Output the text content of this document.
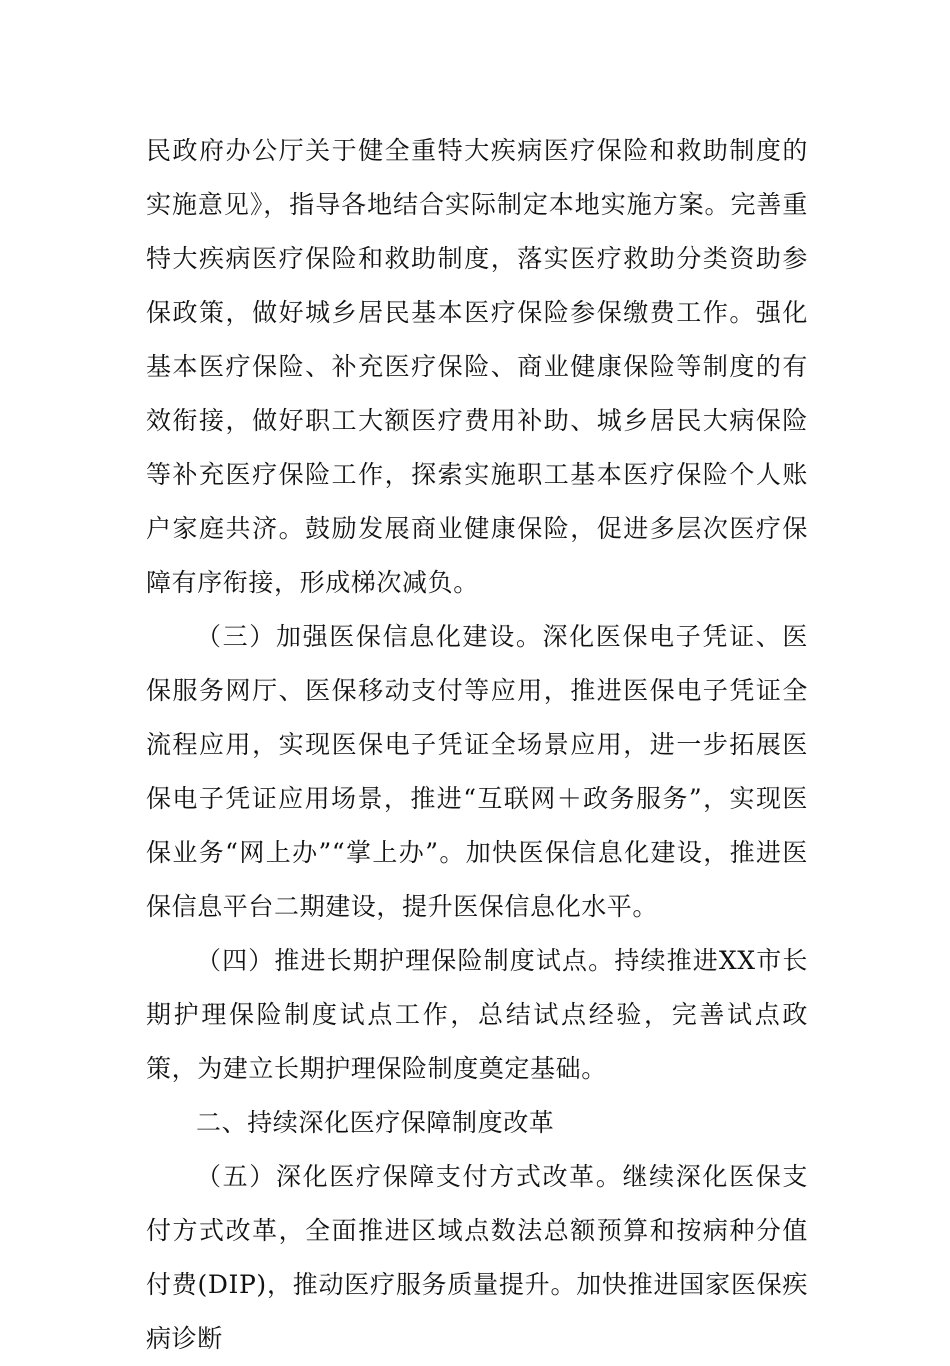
民政府办公厅关于健全重特大疾病医疗保险和救助制度的实施意见》，指导各地结合实际制定本地实施方案。完善重特大疾病医疗保险和救助制度，落实医疗救助分类资助参保政策，做好城乡居民基本医疗保险参保缴费工作。强化基本医疗保险、补充医疗保险、商业健康保险等制度的有效衔接，做好职工大额医疗费用补助、城乡居民大病保险等补充医疗保险工作，探索实施职工基本医疗保险个人账户家庭共济。鼓励发展商业健康保险，促进多层次医疗保障有序衔接，形成梯次减负。

（三）加强医保信息化建设。深化医保电子凭证、医保服务网厅、医保移动支付等应用，推进医保电子凭证全流程应用，实现医保电子凭证全场景应用，进一步拓展医保电子凭证应用场景，推进“互联网＋政务服务”，实现医保业务“网上办”“掌上办”。加快医保信息化建设，推进医保信息平台二期建设，提升医保信息化水平。

（四）推进长期护理保险制度试点。持续推进XX市长期护理保险制度试点工作，总结试点经验，完善试点政策，为建立长期护理保险制度奠定基础。

二、持续深化医疗保障制度改革

（五）深化医疗保障支付方式改革。继续深化医保支付方式改革，全面推进区域点数法总额预算和按病种分值付费(DIP)，推动医疗服务质量提升。加快推进国家医保疾病诊断
